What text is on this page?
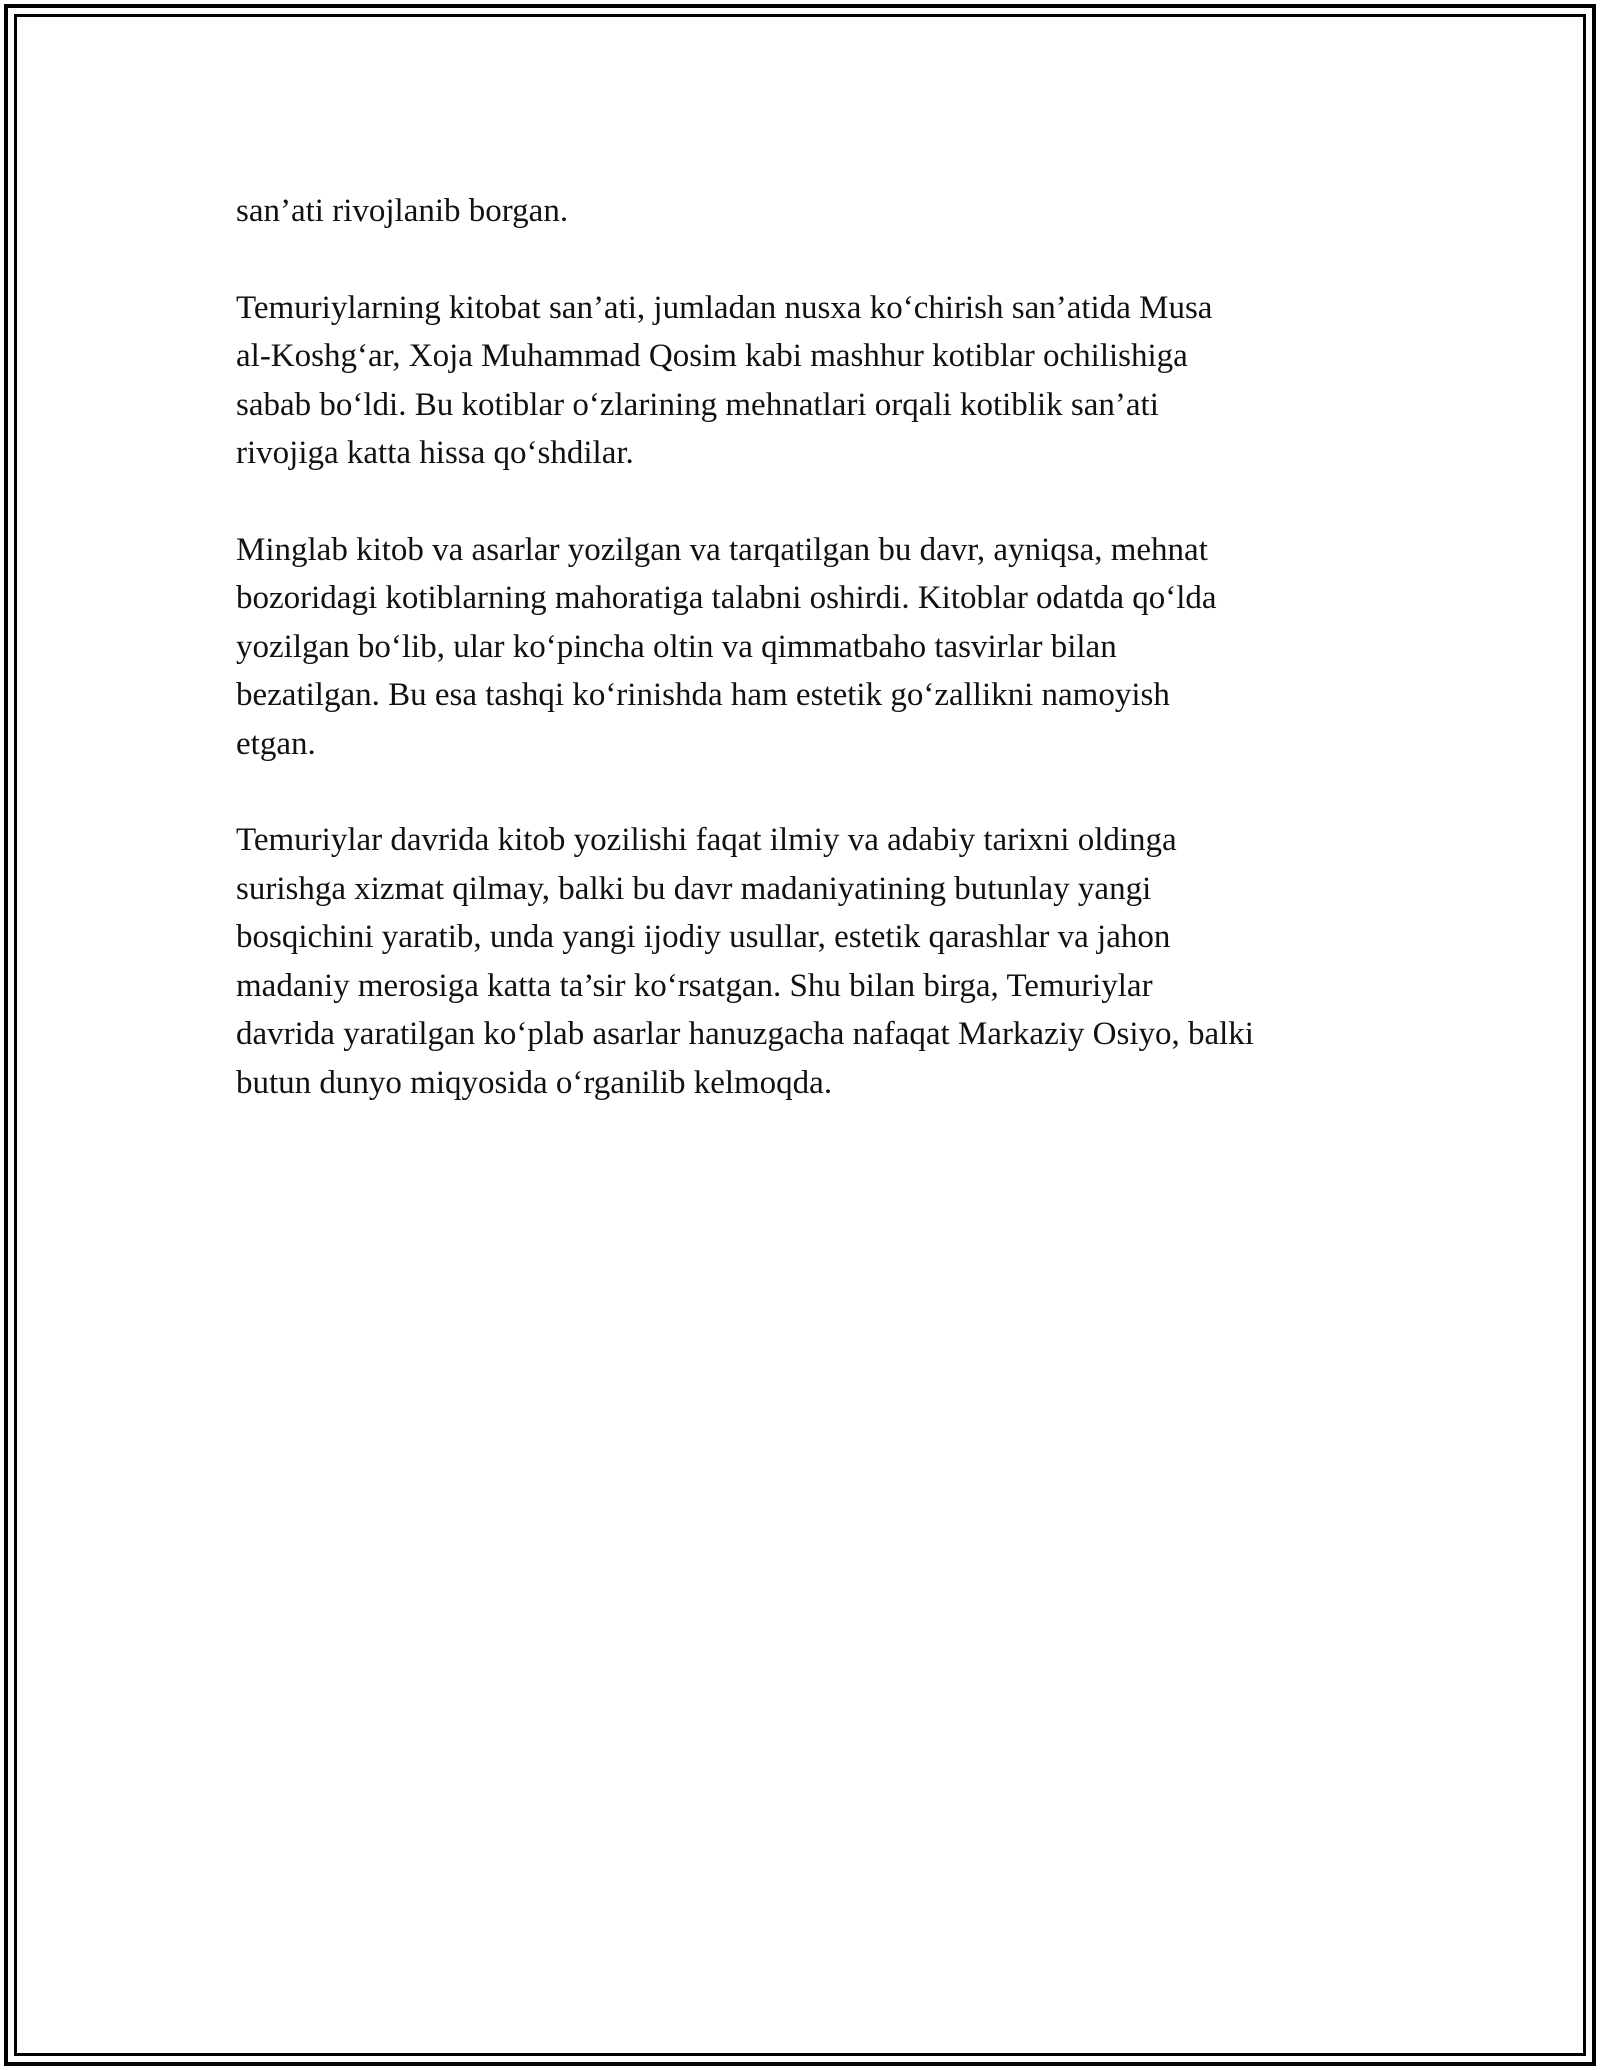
san’ati rivojlanib borgan.

Temuriylarning kitobat san’ati, jumladan nusxa ko‘chirish san’atida Musa
al-Koshg‘ar, Xoja Muhammad Qosim kabi mashhur kotiblar ochilishiga
sabab bo‘ldi. Bu kotiblar o‘zlarining mehnatlari orqali kotiblik san’ati
rivojiga katta hissa qo‘shdilar.

Minglab kitob va asarlar yozilgan va tarqatilgan bu davr, ayniqsa, mehnat
bozoridagi kotiblarning mahoratiga talabni oshirdi. Kitoblar odatda qo‘lda
yozilgan bo‘lib, ular ko‘pincha oltin va qimmatbaho tasvirlar bilan
bezatilgan. Bu esa tashqi ko‘rinishda ham estetik go‘zallikni namoyish
etgan.

Temuriylar davrida kitob yozilishi faqat ilmiy va adabiy tarixni oldinga
surishga xizmat qilmay, balki bu davr madaniyatining butunlay yangi
bosqichini yaratib, unda yangi ijodiy usullar, estetik qarashlar va jahon
madaniy merosiga katta ta’sir ko‘rsatgan. Shu bilan birga, Temuriylar
davrida yaratilgan ko‘plab asarlar hanuzgacha nafaqat Markaziy Osiyo, balki
butun dunyo miqyosida o‘rganilib kelmoqda.
